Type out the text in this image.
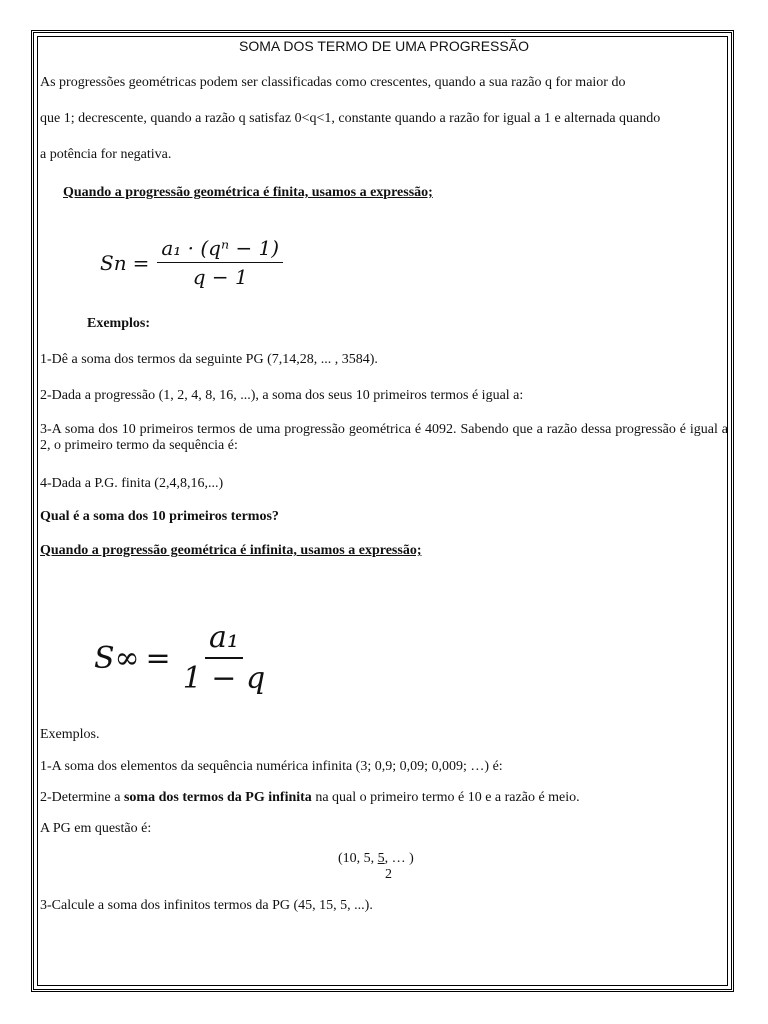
SOMA DOS TERMO DE UMA PROGRESSÃO

As progressões geométricas podem ser classificadas como crescentes, quando a sua razão q for maior do

que 1; decrescente, quando a razão q satisfaz 0<q<1, constante quando a razão for igual a 1 e alternada quando

a potência for negativa.

Quando a progressão geométrica é finita, usamos a expressão;

$Sn = \frac{\text{a₁ · (qⁿ − 1)}}{q - 1}$

Exemplos:

1-Dê a soma dos termos da seguinte PG (7,14,28, ... , 3584).

2-Dada a progressão (1, 2, 4, 8, 16, ...), a soma dos seus 10 primeiros termos é igual a:

3-A soma dos 10 primeiros termos de uma progressão geométrica é 4092. Sabendo que a razão dessa progressão é igual a 2, o primeiro termo da sequência é:

4-Dada a P.G. finita (2,4,8,16,...)

Qual é a soma dos 10 primeiros termos?

Quando a progressão geométrica é infinita, usamos a expressão;

$S\infty = \frac{\text{a₁}}{1 - q}$

Exemplos.

1-A soma dos elementos da sequência numérica infinita (3; 0,9; 0,09; 0,009; …) é:

2-Determine a soma dos termos da PG infinita na qual o primeiro termo é 10 e a razão é meio.

A PG em questão é:

(10, 5, 5, … )
2

3-Calcule a soma dos infinitos termos da PG (45, 15, 5, ...).
